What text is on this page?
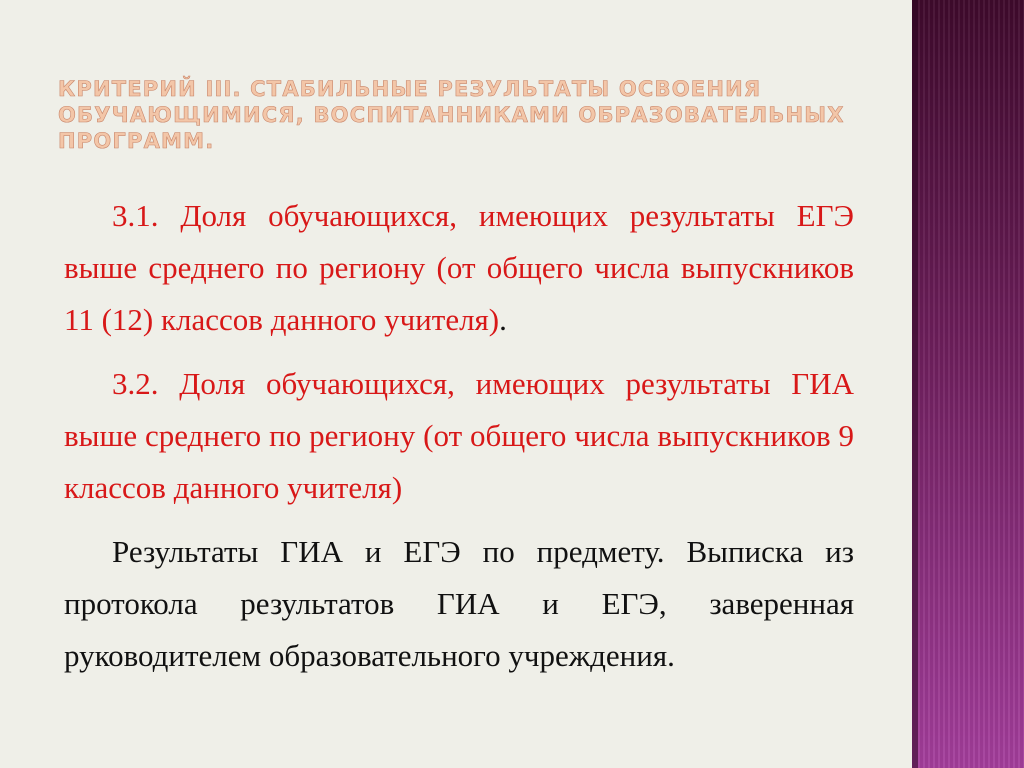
КРИТЕРИЙ III. СТАБИЛЬНЫЕ РЕЗУЛЬТАТЫ ОСВОЕНИЯ ОБУЧАЮЩИМИСЯ, ВОСПИТАННИКАМИ ОБРАЗОВАТЕЛЬНЫХ ПРОГРАММ.

3.1. Доля обучающихся, имеющих результаты ЕГЭ выше среднего по региону (от общего числа выпускников 11 (12) классов данного учителя).

3.2. Доля обучающихся, имеющих результаты ГИА выше среднего по региону (от общего числа выпускников 9 классов данного учителя)

Результаты ГИА и ЕГЭ по предмету. Выписка из протокола результатов ГИА и ЕГЭ, заверенная руководителем образовательного учреждения.
